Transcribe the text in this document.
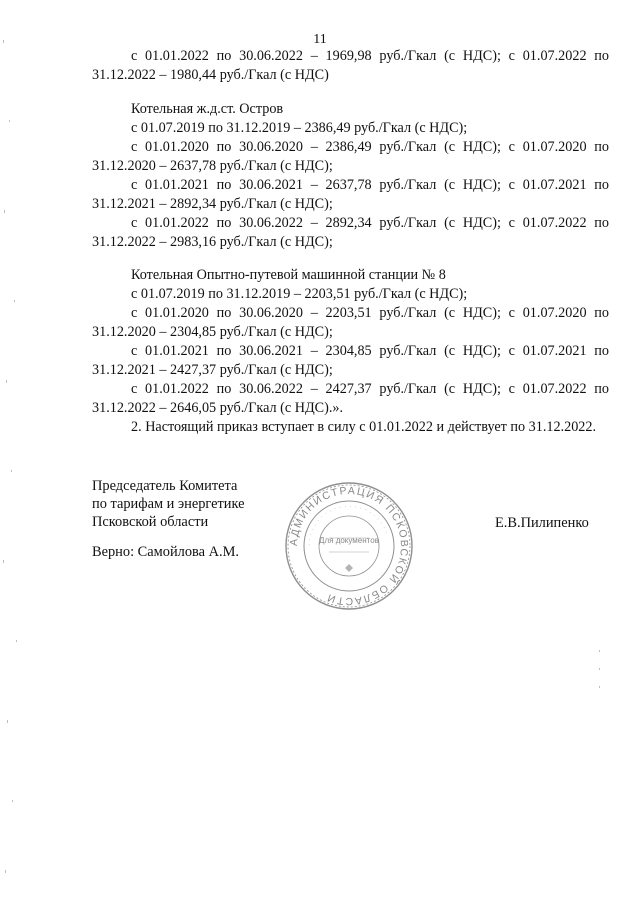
11

с 01.01.2022 по 30.06.2022 – 1969,98 руб./Гкал (с НДС); с 01.07.2022 по 31.12.2022 – 1980,44 руб./Гкал (с НДС)

Котельная ж.д.ст. Остров

с 01.07.2019 по 31.12.2019 – 2386,49 руб./Гкал (с НДС);

с 01.01.2020 по 30.06.2020 – 2386,49 руб./Гкал (с НДС); с 01.07.2020 по 31.12.2020 – 2637,78 руб./Гкал (с НДС);

с 01.01.2021 по 30.06.2021 – 2637,78 руб./Гкал (с НДС); с 01.07.2021 по 31.12.2021 – 2892,34 руб./Гкал (с НДС);

с 01.01.2022 по 30.06.2022 – 2892,34 руб./Гкал (с НДС); с 01.07.2022 по 31.12.2022 – 2983,16 руб./Гкал (с НДС);

Котельная Опытно-путевой машинной станции № 8

с 01.07.2019 по 31.12.2019 – 2203,51 руб./Гкал (с НДС);

с 01.01.2020 по 30.06.2020 – 2203,51 руб./Гкал (с НДС); с 01.07.2020 по 31.12.2020 – 2304,85 руб./Гкал (с НДС);

с 01.01.2021 по 30.06.2021 – 2304,85 руб./Гкал (с НДС); с 01.07.2021 по 31.12.2021 – 2427,37 руб./Гкал (с НДС);

с 01.01.2022 по 30.06.2022 – 2427,37 руб./Гкал (с НДС); с 01.07.2022 по 31.12.2022 – 2646,05 руб./Гкал (с НДС).».

2. Настоящий приказ вступает в силу с 01.01.2022 и действует по 31.12.2022.

Председатель Комитета
по тарифам и энергетике
Псковской области
Верно: Самойлова А.М.
Е.В.Пилипенко
АДМИНИСТРАЦИЯ ПСКОВСКОЙ ОБЛАСТИ
· · · · · · · · · · · · · · · · · · · · · ·
Для документов
